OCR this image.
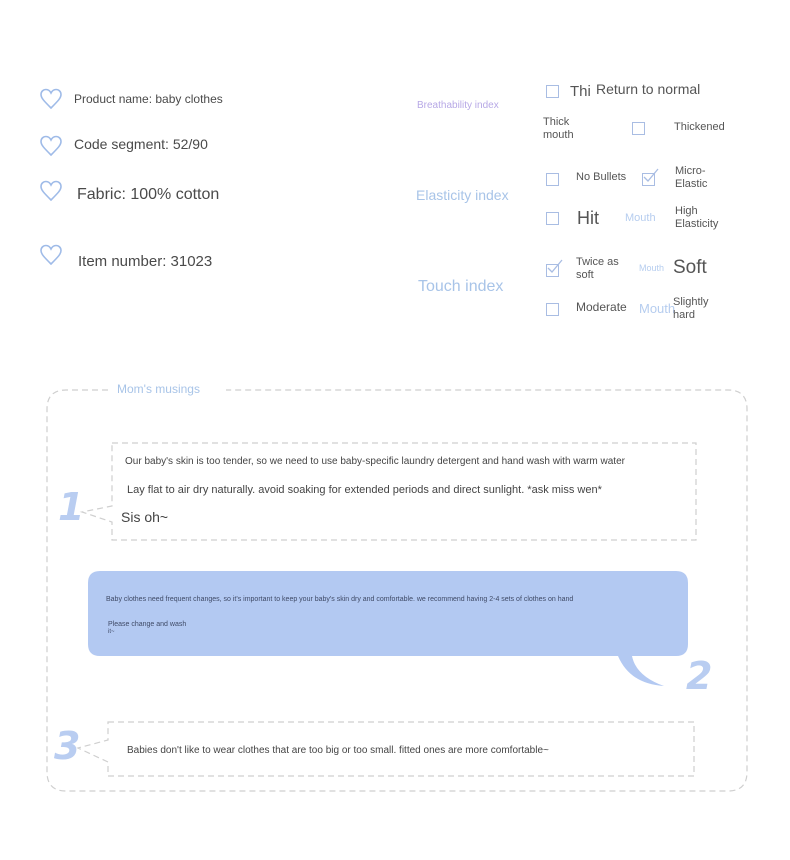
Product name: baby clothes
Code segment: 52/90
Fabric: 100% cotton
Item number: 31023
Breathability index
Elasticity index
Touch index
Thi Return to normal
Thick
mouth
Thickened
No Bullets	Micro-
Elastic
Hit Mouth
High
Elasticity
Twice as
soft
Mouth Soft
Moderate Mouth
Slightly
hard
Mom's musings
1
Our baby's skin is too tender, so we need to use baby-specific laundry detergent and hand wash with warm water
Lay flat to air dry naturally. avoid soaking for extended periods and direct sunlight. *ask miss wen*
Sis oh~
Baby clothes need frequent changes, so it's important to keep your baby's skin dry and comfortable. we recommend having 2-4 sets of clothes on hand
Please change and wash
it~
2
3	Babies don't like to wear clothes that are too big or too small. fitted ones are more comfortable~
